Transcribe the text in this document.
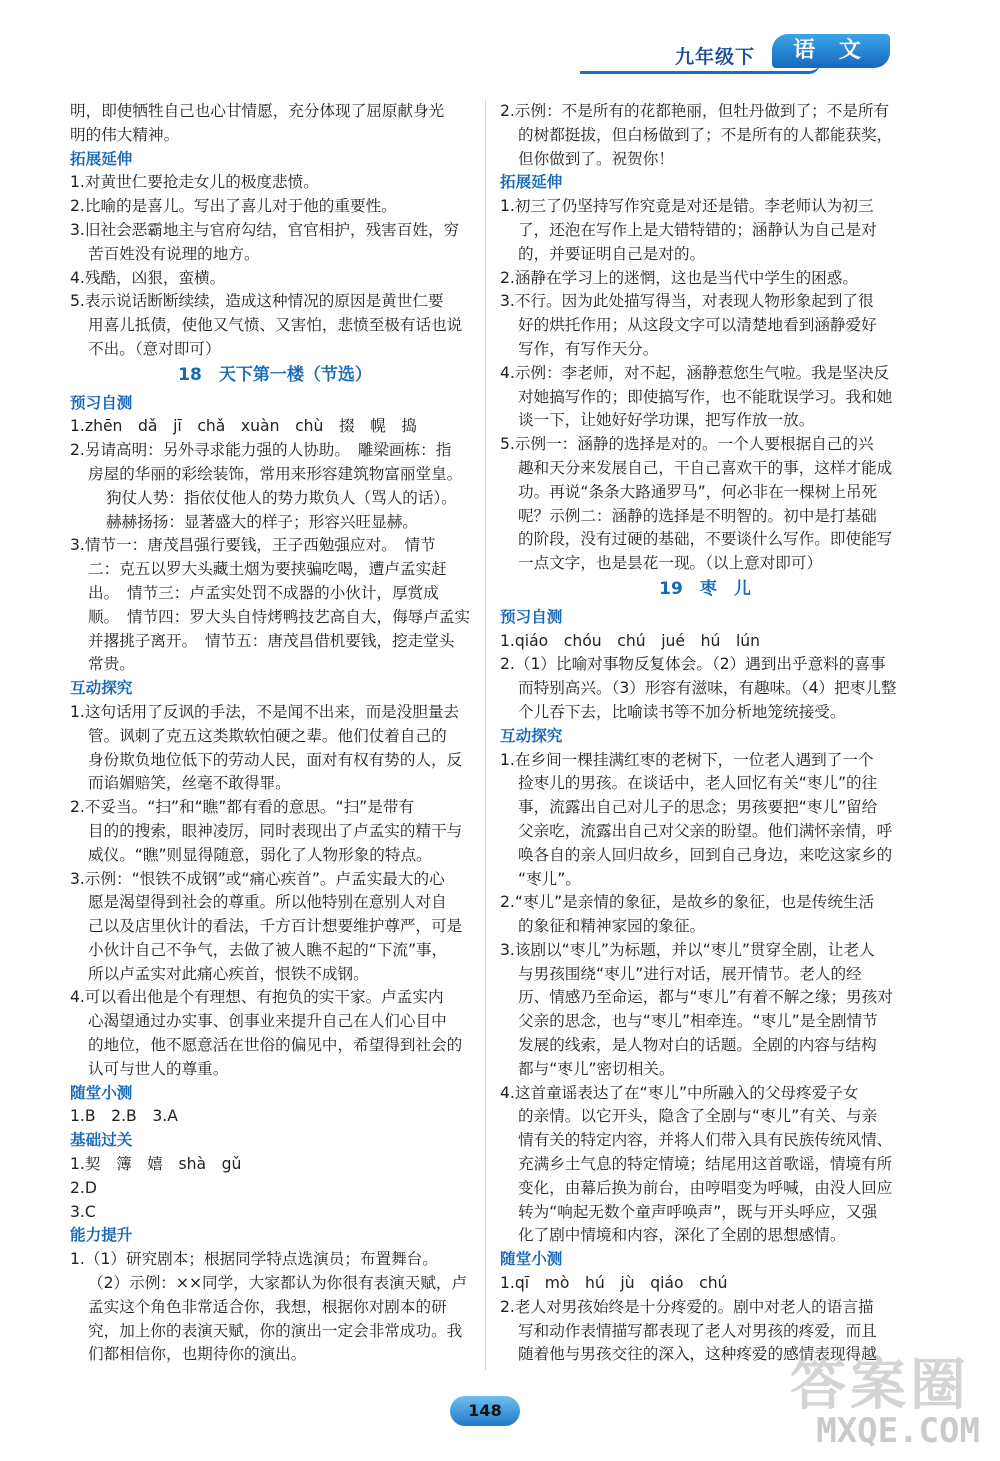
九年级下	语 文

明，即使牺牲自己也心甘情愿，充分体现了屈原献身光

明的伟大精神。

拓展延伸

1.对黄世仁要抢走女儿的极度悲愤。

2.比喻的是喜儿。写出了喜儿对于他的重要性。

3.旧社会恶霸地主与官府勾结，官官相护，残害百姓，穷

苦百姓没有说理的地方。

4.残酷，凶狠，蛮横。

5.表示说话断断续续，造成这种情况的原因是黄世仁要

用喜儿抵债，使他又气愤、又害怕，悲愤至极有话也说

不出。（意对即可）

18　天下第一楼（节选）

预习自测

1.zhēn　dǎ　jī　chǎ　xuàn　chù　掇　幌　捣

2.另请高明：另外寻求能力强的人协助。　雕梁画栋：指

房屋的华丽的彩绘装饰，常用来形容建筑物富丽堂皇。

狗仗人势：指依仗他人的势力欺负人（骂人的话）。

赫赫扬扬：显著盛大的样子；形容兴旺显赫。

3.情节一：唐茂昌强行要钱，王子西勉强应对。　情节

二：克五以罗大头藏土烟为要挟骗吃喝，遭卢孟实赶

出。　情节三：卢孟实处罚不成器的小伙计，厚赏成

顺。　情节四：罗大头自恃烤鸭技艺高自大，侮辱卢孟实

并撂挑子离开。　情节五：唐茂昌借机要钱，挖走堂头

常贵。

互动探究

1.这句话用了反讽的手法，不是闻不出来，而是没胆量去

管。讽刺了克五这类欺软怕硬之辈。他们仗着自己的

身份欺负地位低下的劳动人民，面对有权有势的人，反

而谄媚赔笑，丝毫不敢得罪。

2.不妥当。“扫”和“瞧”都有看的意思。“扫”是带有

目的的搜索，眼神凌厉，同时表现出了卢孟实的精干与

威仪。“瞧”则显得随意，弱化了人物形象的特点。

3.示例：“恨铁不成钢”或“痛心疾首”。卢孟实最大的心

愿是渴望得到社会的尊重。所以他特别在意别人对自

己以及店里伙计的看法，千方百计想要维护尊严，可是

小伙计自己不争气，去做了被人瞧不起的“下流”事，

所以卢孟实对此痛心疾首，恨铁不成钢。

4.可以看出他是个有理想、有抱负的实干家。卢孟实内

心渴望通过办实事、创事业来提升自己在人们心目中

的地位，他不愿意活在世俗的偏见中，希望得到社会的

认可与世人的尊重。

随堂小测

1.B　2.B　3.A

基础过关

1.契　簿　嬉　shà　gǔ

2.D

3.C

能力提升

1.（1）研究剧本；根据同学特点选演员；布置舞台。

（2）示例：××同学，大家都认为你很有表演天赋，卢

孟实这个角色非常适合你，我想，根据你对剧本的研

究，加上你的表演天赋，你的演出一定会非常成功。我

们都相信你，也期待你的演出。

2.示例：不是所有的花都艳丽，但牡丹做到了；不是所有

的树都挺拔，但白杨做到了；不是所有的人都能获奖，

但你做到了。祝贺你！

拓展延伸

1.初三了仍坚持写作究竟是对还是错。李老师认为初三

了，还泡在写作上是大错特错的；涵静认为自己是对

的，并要证明自己是对的。

2.涵静在学习上的迷惘，这也是当代中学生的困惑。

3.不行。因为此处描写得当，对表现人物形象起到了很

好的烘托作用；从这段文字可以清楚地看到涵静爱好

写作，有写作天分。

4.示例：李老师，对不起，涵静惹您生气啦。我是坚决反

对她搞写作的；即使搞写作，也不能耽误学习。我和她

谈一下，让她好好学功课，把写作放一放。

5.示例一：涵静的选择是对的。一个人要根据自己的兴

趣和天分来发展自己，干自己喜欢干的事，这样才能成

功。再说“条条大路通罗马”，何必非在一棵树上吊死

呢？示例二：涵静的选择是不明智的。初中是打基础

的阶段，没有过硬的基础，不要谈什么写作。即使能写

一点文字，也是昙花一现。（以上意对即可）

19　枣　儿

预习自测

1.qiáo　chóu　chú　jué　hú　lún

2.（1）比喻对事物反复体会。（2）遇到出乎意料的喜事

而特别高兴。（3）形容有滋味，有趣味。（4）把枣儿整

个儿吞下去，比喻读书等不加分析地笼统接受。

互动探究

1.在乡间一棵挂满红枣的老树下，一位老人遇到了一个

捡枣儿的男孩。在谈话中，老人回忆有关“枣儿”的往

事，流露出自己对儿子的思念；男孩要把“枣儿”留给

父亲吃，流露出自己对父亲的盼望。他们满怀亲情，呼

唤各自的亲人回归故乡，回到自己身边，来吃这家乡的

“枣儿”。

2.“枣儿”是亲情的象征，是故乡的象征，也是传统生活

的象征和精神家园的象征。

3.该剧以“枣儿”为标题，并以“枣儿”贯穿全剧，让老人

与男孩围绕“枣儿”进行对话，展开情节。老人的经

历、情感乃至命运，都与“枣儿”有着不解之缘；男孩对

父亲的思念，也与“枣儿”相牵连。“枣儿”是全剧情节

发展的线索，是人物对白的话题。全剧的内容与结构

都与“枣儿”密切相关。

4.这首童谣表达了在“枣儿”中所融入的父母疼爱子女

的亲情。以它开头，隐含了全剧与“枣儿”有关、与亲

情有关的特定内容，并将人们带入具有民族传统风情、

充满乡土气息的特定情境；结尾用这首歌谣，情境有所

变化，由幕后换为前台，由哼唱变为呼喊，由没人回应

转为“响起无数个童声呼唤声”，既与开头呼应，又强

化了剧中情境和内容，深化了全剧的思想感情。

随堂小测

1.qī　mò　hú　jù　qiáo　chú

2.老人对男孩始终是十分疼爱的。剧中对老人的语言描

写和动作表情描写都表现了老人对男孩的疼爱，而且

随着他与男孩交往的深入，这种疼爱的感情表现得越

148	答案圈
MXQE.COM
